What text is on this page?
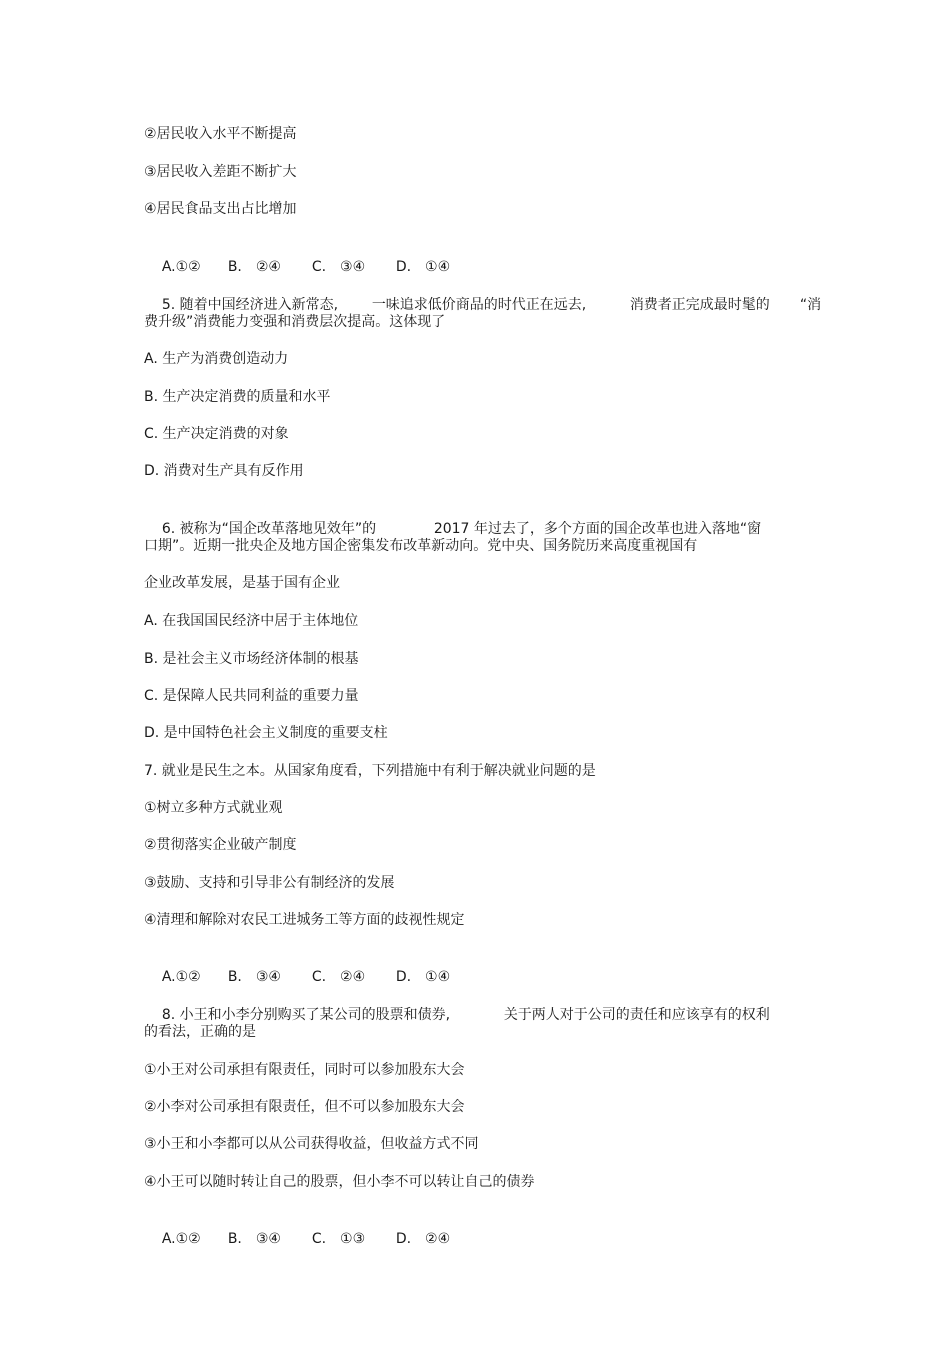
②居民收入水平不断提高
③居民收入差距不断扩大
④居民食品支出占比增加

A.①② B.　②④ C.　③④ D.　①④

5. 随着中国经济进入新常态, 一味追求低价商品的时代正在远去,	消费者正完成最时髦的 “消

费升级”消费能力变强和消费层次提高。这体现了
A. 生产为消费创造动力
B. 生产决定消费的质量和水平
C. 生产决定消费的对象
D. 消费对生产具有反作用

6. 被称为“国企改革落地见效年”的	2017 年过去了，多个方面的国企改革也进入落地“窗

口期”。近期一批央企及地方国企密集发布改革新动向。党中央、国务院历来高度重视国有
企业改革发展，是基于国有企业
A. 在我国国民经济中居于主体地位
B. 是社会主义市场经济体制的根基
C. 是保障人民共同利益的重要力量
D. 是中国特色社会主义制度的重要支柱
7. 就业是民生之本。从国家角度看，下列措施中有利于解决就业问题的是
①树立多种方式就业观
②贯彻落实企业破产制度
③鼓励、支持和引导非公有制经济的发展
④清理和解除对农民工进城务工等方面的歧视性规定

A.①② B.　③④ C.　②④ D.　①④

8. 小王和小李分别购买了某公司的股票和债券,	关于两人对于公司的责任和应该享有的权利

的看法，正确的是
①小王对公司承担有限责任，同时可以参加股东大会
②小李对公司承担有限责任，但不可以参加股东大会
③小王和小李都可以从公司获得收益，但收益方式不同
④小王可以随时转让自己的股票，但小李不可以转让自己的债券

A.①② B.　③④ C.　①③ D.　②④
